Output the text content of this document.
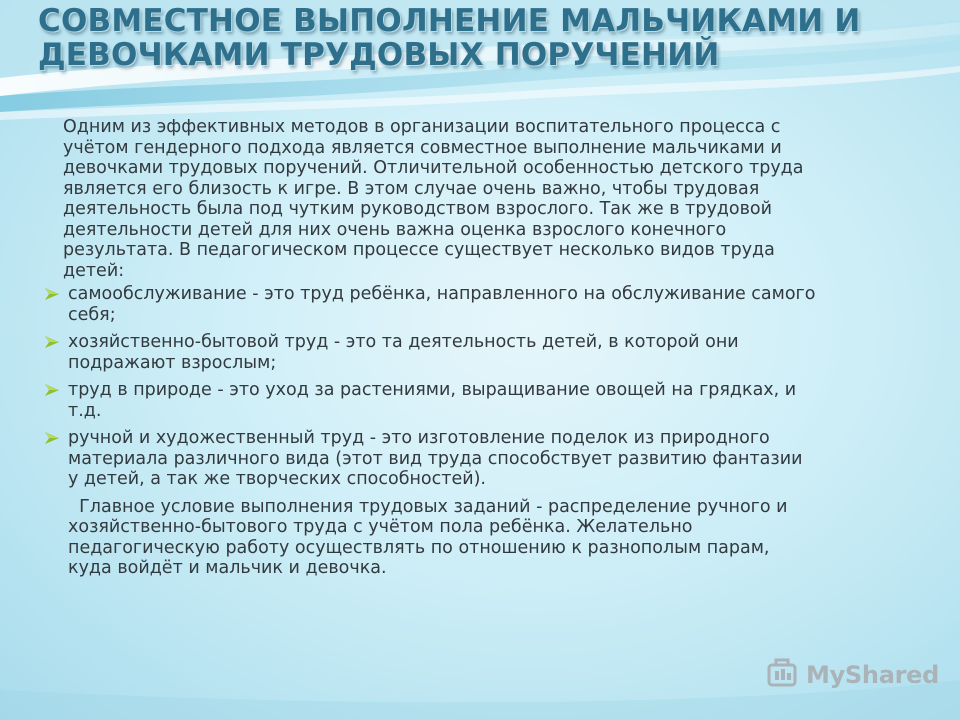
СОВМЕСТНОЕ ВЫПОЛНЕНИЕ МАЛЬЧИКАМИ И
ДЕВОЧКАМИ ТРУДОВЫХ ПОРУЧЕНИЙ

Одним из эффективных методов в организации воспитательного процесса с
учётом гендерного подхода является совместное выполнение мальчиками и
девочками трудовых поручений. Отличительной особенностью детского труда
является его близость к игре. В этом случае очень важно, чтобы трудовая
деятельность была под чутким руководством взрослого. Так же в трудовой
деятельности детей для них очень важна оценка взрослого конечного
результата. В педагогическом процессе существует несколько видов труда
детей:

самообслуживание - это труд ребёнка, направленного на обслуживание самого
себя;
хозяйственно-бытовой труд - это та деятельность детей, в которой они
подражают взрослым;
труд в природе - это уход за растениями, выращивание овощей на грядках, и
т.д.
ручной и художественный труд - это изготовление поделок из природного
материала различного вида (этот вид труда способствует развитию фантазии
у детей, а так же творческих способностей).

Главное условие выполнения трудовых заданий - распределение ручного и
хозяйственно-бытового труда с учётом пола ребёнка. Желательно
педагогическую работу осуществлять по отношению к разнополым парам,
куда войдёт и мальчик и девочка.

MyShared
